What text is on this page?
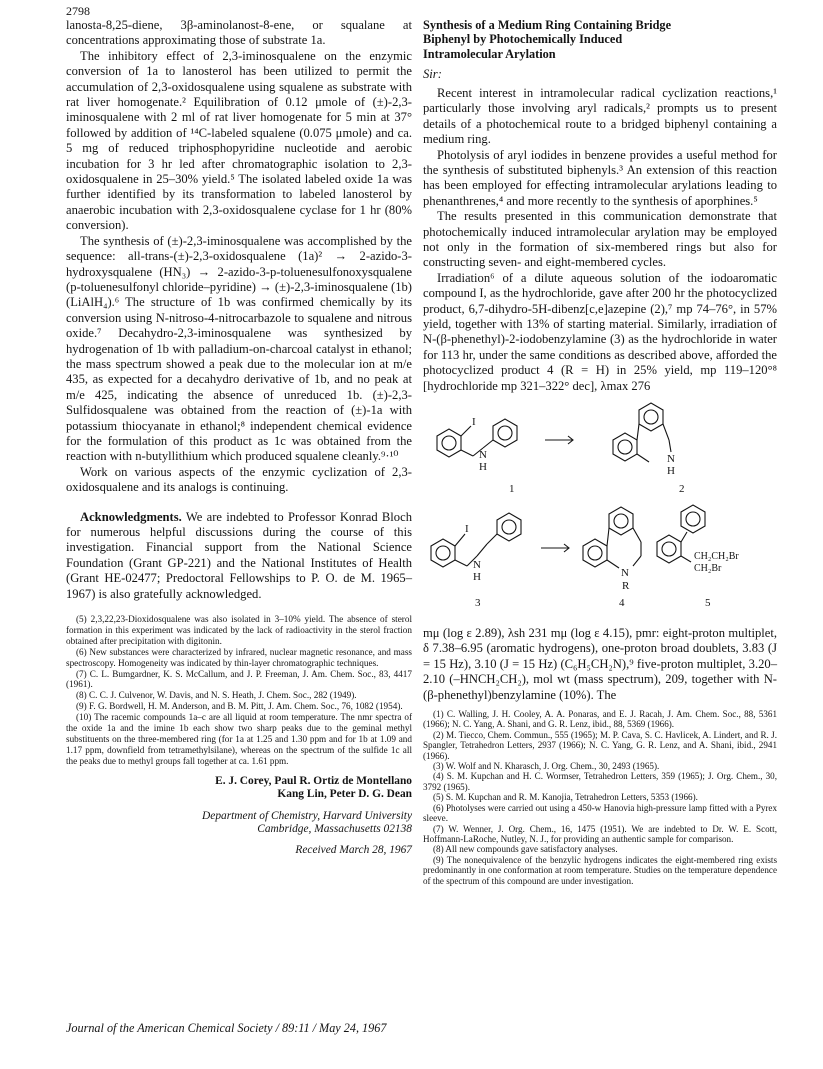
2798

lanosta-8,25-diene, 3β-aminolanost-8-ene, or squalane at concentrations approximating those of substrate 1a.

The inhibitory effect of 2,3-iminosqualene on the enzymic conversion of 1a to lanosterol has been utilized to permit the accumulation of 2,3-oxidosqualene using squalene as substrate with rat liver homogenate.² Equilibration of 0.12 μmole of (±)-2,3-iminosqualene with 2 ml of rat liver homogenate for 5 min at 37° followed by addition of ¹⁴C-labeled squalene (0.075 μmole) and ca. 5 mg of reduced triphosphopyridine nucleotide and aerobic incubation for 3 hr led after chromatographic isolation to 2,3-oxidosqualene in 25–30% yield.⁵ The isolated labeled oxide 1a was further identified by its transformation to labeled lanosterol by anaerobic incubation with 2,3-oxidosqualene cyclase for 1 hr (80% conversion).

The synthesis of (±)-2,3-iminosqualene was accomplished by the sequence: all-trans-(±)-2,3-oxidosqualene (1a)² → 2-azido-3-hydroxysqualene (HN₃) → 2-azido-3-p-toluenesulfonoxysqualene (p-toluenesulfonyl chloride–pyridine) → (±)-2,3-iminosqualene (1b) (LiAlH₄).⁶ The structure of 1b was confirmed chemically by its conversion using N-nitroso-4-nitrocarbazole to squalene and nitrous oxide.⁷ Decahydro-2,3-iminosqualene was synthesized by hydrogenation of 1b with palladium-on-charcoal catalyst in ethanol; the mass spectrum showed a peak due to the molecular ion at m/e 435, as expected for a decahydro derivative of 1b, and no peak at m/e 425, indicating the absence of unreduced 1b. (±)-2,3-Sulfidosqualene was obtained from the reaction of (±)-1a with potassium thiocyanate in ethanol;⁸ independent chemical evidence for the formulation of this product as 1c was obtained from the reaction with n-butyllithium which produced squalene cleanly.⁹·¹⁰

Work on various aspects of the enzymic cyclization of 2,3-oxidosqualene and its analogs is continuing.

Acknowledgments. We are indebted to Professor Konrad Bloch for numerous helpful discussions during the course of this investigation. Financial support from the National Science Foundation (Grant GP-221) and the National Institutes of Health (Grant HE-02477; Predoctoral Fellowships to P. O. de M. 1965–1967) is also gratefully acknowledged.

(5) 2,3,22,23-Dioxidosqualene was also isolated in 3–10% yield. The absence of sterol formation in this experiment was indicated by the lack of radioactivity in the sterol fraction obtained after precipitation with digitonin.

(6) New substances were characterized by infrared, nuclear magnetic resonance, and mass spectroscopy. Homogeneity was indicated by thin-layer chromatographic techniques.

(7) C. L. Bumgardner, K. S. McCallum, and J. P. Freeman, J. Am. Chem. Soc., 83, 4417 (1961).

(8) C. C. J. Culvenor, W. Davis, and N. S. Heath, J. Chem. Soc., 282 (1949).

(9) F. G. Bordwell, H. M. Anderson, and B. M. Pitt, J. Am. Chem. Soc., 76, 1082 (1954).

(10) The racemic compounds 1a–c are all liquid at room temperature. The nmr spectra of the oxide 1a and the imine 1b each show two sharp peaks due to the geminal methyl substituents on the three-membered ring (for 1a at 1.25 and 1.30 ppm and for 1b at 1.09 and 1.17 ppm, downfield from tetramethylsilane), whereas on the spectrum of the sulfide 1c all the peaks due to methyl groups fall together at ca. 1.61 ppm.

E. J. Corey, Paul R. Ortiz de Montellano
Kang Lin, Peter D. G. Dean
Department of Chemistry, Harvard University
Cambridge, Massachusetts 02138
Received March 28, 1967
Synthesis of a Medium Ring Containing Bridge
Biphenyl by Photochemically Induced
Intramolecular Arylation
Sir:

Recent interest in intramolecular radical cyclization reactions,¹ particularly those involving aryl radicals,² prompts us to present details of a photochemical route to a bridged biphenyl containing a medium ring.

Photolysis of aryl iodides in benzene provides a useful method for the synthesis of substituted biphenyls.³ An extension of this reaction has been employed for effecting intramolecular arylations leading to phenanthrenes,⁴ and more recently to the synthesis of aporphines.⁵

The results presented in this communication demonstrate that photochemically induced intramolecular arylation may be employed not only in the formation of six-membered rings but also for constructing seven- and eight-membered cycles.

Irradiation⁶ of a dilute aqueous solution of the iodoaromatic compound I, as the hydrochloride, gave after 200 hr the photocyclized product, 6,7-dihydro-5H-dibenz[c,e]azepine (2),⁷ mp 74–76°, in 57% yield, together with 13% of starting material. Similarly, irradiation of N-(β-phenethyl)-2-iodobenzylamine (3) as the hydrochloride in water for 113 hr, under the same conditions as described above, afforded the photocyclized product 4 (R = H) in 25% yield, mp 119–120°⁸ [hydrochloride mp 321–322° dec], λmax 276

I
N
H
N
H
1	2
I
N
H	N
R
CH₂CH₂Br
CH₂Br
3	4	5

mμ (log ε 2.89), λsh 231 mμ (log ε 4.15), pmr: eight-proton multiplet, δ 7.38–6.95 (aromatic hydrogens), one-proton broad doublets, 3.83 (J = 15 Hz), 3.10 (J = 15 Hz) (C₆H₅CH₂N),⁹ five-proton multiplet, 3.20–2.10 (–HNCH₂CH₂), mol wt (mass spectrum), 209, together with N-(β-phenethyl)benzylamine (10%). The

(1) C. Walling, J. H. Cooley, A. A. Ponaras, and E. J. Racah, J. Am. Chem. Soc., 88, 5361 (1966); N. C. Yang, A. Shani, and G. R. Lenz, ibid., 88, 5369 (1966).

(2) M. Tiecco, Chem. Commun., 555 (1965); M. P. Cava, S. C. Havlicek, A. Lindert, and R. J. Spangler, Tetrahedron Letters, 2937 (1966); N. C. Yang, G. R. Lenz, and A. Shani, ibid., 2941 (1966).

(3) W. Wolf and N. Kharasch, J. Org. Chem., 30, 2493 (1965).

(4) S. M. Kupchan and H. C. Wormser, Tetrahedron Letters, 359 (1965); J. Org. Chem., 30, 3792 (1965).

(5) S. M. Kupchan and R. M. Kanojia, Tetrahedron Letters, 5353 (1966).

(6) Photolyses were carried out using a 450-w Hanovia high-pressure lamp fitted with a Pyrex sleeve.

(7) W. Wenner, J. Org. Chem., 16, 1475 (1951). We are indebted to Dr. W. E. Scott, Hoffmann-LaRoche, Nutley, N. J., for providing an authentic sample for comparison.

(8) All new compounds gave satisfactory analyses.

(9) The nonequivalence of the benzylic hydrogens indicates the eight-membered ring exists predominantly in one conformation at room temperature. Studies on the temperature dependence of the spectrum of this compound are under investigation.

Journal of the American Chemical Society / 89:11 / May 24, 1967
